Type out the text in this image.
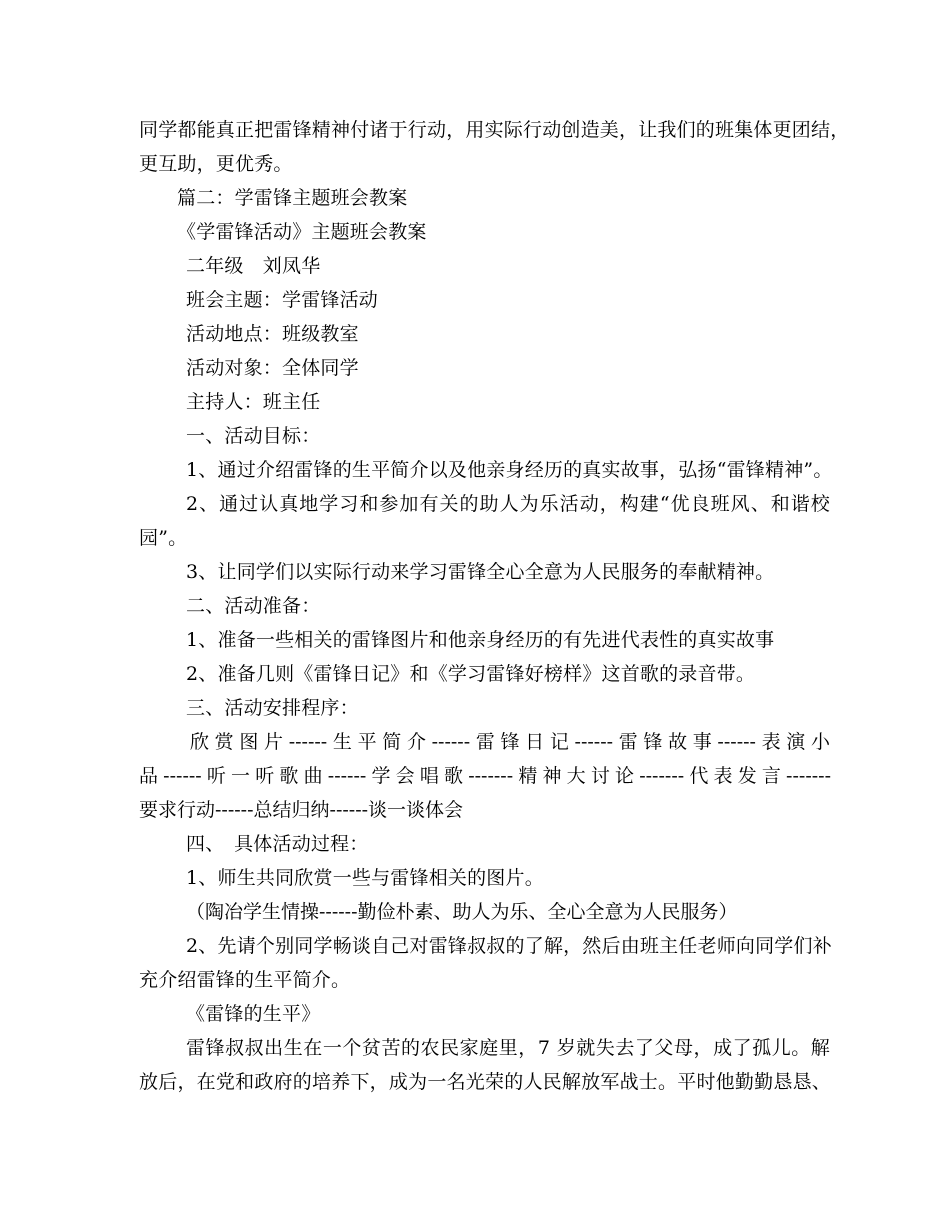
同学都能真正把雷锋精神付诸于行动，用实际行动创造美，让我们的班集体更团结，
更互助，更优秀。
篇二：学雷锋主题班会教案
《学雷锋活动》主题班会教案
二年级　刘凤华
班会主题：学雷锋活动
活动地点：班级教室
活动对象：全体同学
主持人：班主任
一、活动目标：
1、通过介绍雷锋的生平简介以及他亲身经历的真实故事，弘扬“雷锋精神”。
2、通过认真地学习和参加有关的助人为乐活动，构建“优良班风、和谐校
园”。
3、让同学们以实际行动来学习雷锋全心全意为人民服务的奉献精神。
二、活动准备：
1、准备一些相关的雷锋图片和他亲身经历的有先进代表性的真实故事
2、准备几则《雷锋日记》和《学习雷锋好榜样》这首歌的录音带。
三、活动安排程序：
欣赏图片------生平简介------雷锋日记------雷锋故事------表演小
品------听一听歌曲------学会唱歌-------精神大讨论-------代表发言-------
要求行动------总结归纳------谈一谈体会
四、　具体活动过程：
1、师生共同欣赏一些与雷锋相关的图片。
（陶冶学生情操------勤俭朴素、助人为乐、全心全意为人民服务）
2、先请个别同学畅谈自己对雷锋叔叔的了解，然后由班主任老师向同学们补
充介绍雷锋的生平简介。
《雷锋的生平》
雷锋叔叔出生在一个贫苦的农民家庭里，7 岁就失去了父母，成了孤儿。解
放后，在党和政府的培养下，成为一名光荣的人民解放军战士。平时他勤勤恳恳、
